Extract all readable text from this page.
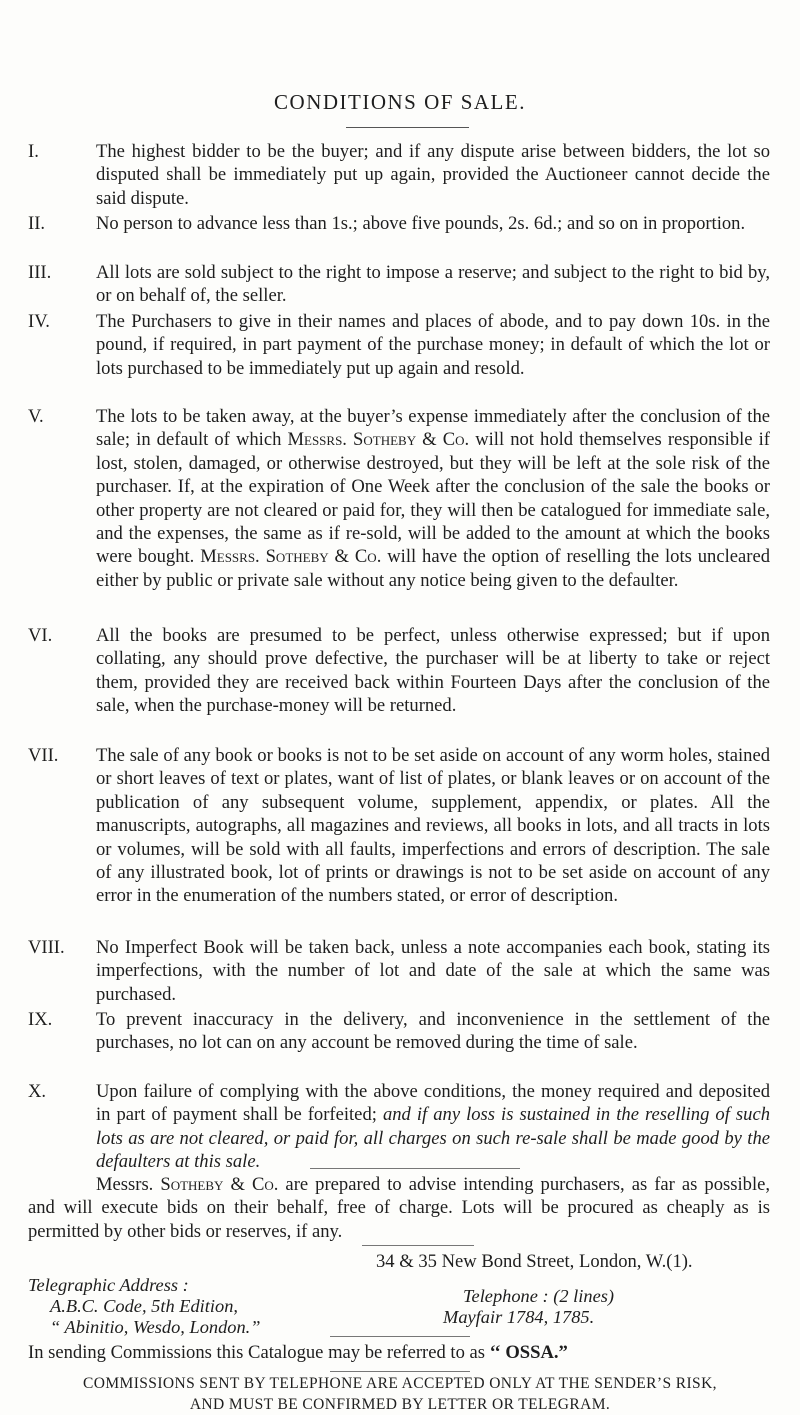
CONDITIONS OF SALE.
I.	The highest bidder to be the buyer; and if any dispute arise between bidders, the lot so disputed shall be immediately put up again, provided the Auctioneer cannot decide the said dispute.
II.	No person to advance less than 1s.; above five pounds, 2s. 6d.; and so on in proportion.
III.	All lots are sold subject to the right to impose a reserve; and subject to the right to bid by, or on behalf of, the seller.
IV.	The Purchasers to give in their names and places of abode, and to pay down 10s. in the pound, if required, in part payment of the purchase money; in default of which the lot or lots purchased to be immediately put up again and resold.
V.	The lots to be taken away, at the buyer’s expense immediately after the conclusion of the sale; in default of which Messrs. Sotheby & Co. will not hold themselves responsible if lost, stolen, damaged, or otherwise destroyed, but they will be left at the sole risk of the purchaser. If, at the expiration of One Week after the conclusion of the sale the books or other property are not cleared or paid for, they will then be catalogued for immediate sale, and the expenses, the same as if re-sold, will be added to the amount at which the books were bought. Messrs. Sotheby & Co. will have the option of reselling the lots uncleared either by public or private sale without any notice being given to the defaulter.
VI.	All the books are presumed to be perfect, unless otherwise expressed; but if upon collating, any should prove defective, the purchaser will be at liberty to take or reject them, provided they are received back within Fourteen Days after the conclusion of the sale, when the purchase-money will be returned.
VII.	The sale of any book or books is not to be set aside on account of any worm holes, stained or short leaves of text or plates, want of list of plates, or blank leaves or on account of the publication of any subsequent volume, supplement, appendix, or plates. All the manuscripts, autographs, all magazines and reviews, all books in lots, and all tracts in lots or volumes, will be sold with all faults, imperfections and errors of description. The sale of any illustrated book, lot of prints or drawings is not to be set aside on account of any error in the enumeration of the numbers stated, or error of description.
VIII.	No Imperfect Book will be taken back, unless a note accompanies each book, stating its imperfections, with the number of lot and date of the sale at which the same was purchased.
IX.	To prevent inaccuracy in the delivery, and inconvenience in the settlement of the purchases, no lot can on any account be removed during the time of sale.
X.	Upon failure of complying with the above conditions, the money required and deposited in part of payment shall be forfeited; and if any loss is sustained in the reselling of such lots as are not cleared, or paid for, all charges on such re-sale shall be made good by the defaulters at this sale.
Messrs. Sotheby & Co. are prepared to advise intending purchasers, as far as possible, and will execute bids on their behalf, free of charge. Lots will be procured as cheaply as is permitted by other bids or reserves, if any.
34 & 35 New Bond Street, London, W.(1).
Telegraphic Address :
A.B.C. Code, 5th Edition,
“ Abinitio, Wesdo, London.”
Telephone : (2 lines)
Mayfair 1784, 1785.
In sending Commissions this Catalogue may be referred to as ‘‘ OSSA.”
COMMISSIONS SENT BY TELEPHONE ARE ACCEPTED ONLY AT THE SENDER’S RISK,
AND MUST BE CONFIRMED BY LETTER OR TELEGRAM.
